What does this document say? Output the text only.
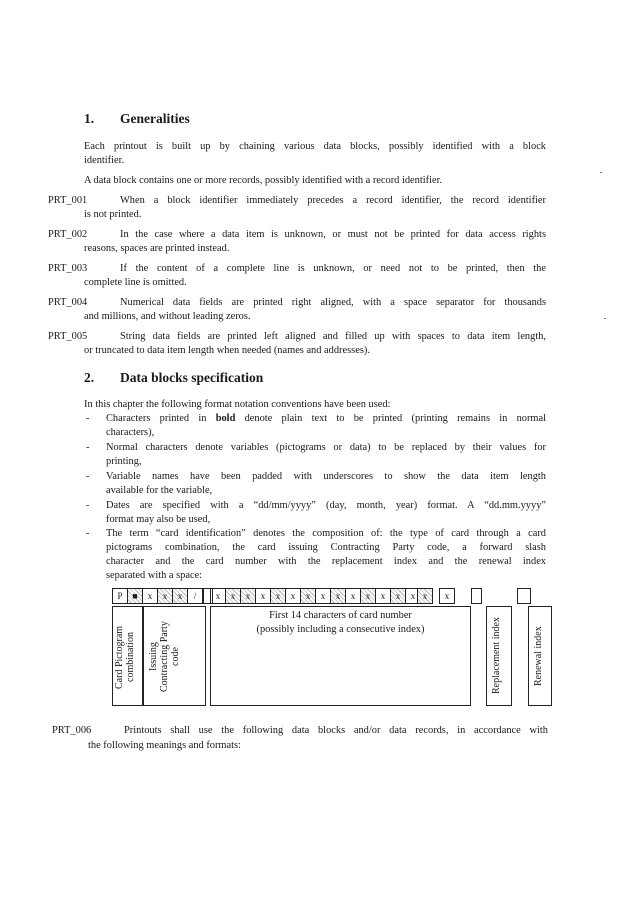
1. Generalities
Each printout is built up by chaining various data blocks, possibly identified with a block
identifier.
A data block contains one or more records, possibly identified with a record identifier.
PRT_001	When a block identifier immediately precedes a record identifier, the record identifier
is not printed.
PRT_002	In the case where a data item is unknown, or must not be printed for data access rights
reasons, spaces are printed instead.
PRT_003	If the content of a complete line is unknown, or need not to be printed, then the
complete line is omitted.
PRT_004	Numerical data fields are printed right aligned, with a space separator for thousands
and millions, and without leading zeros.
PRT_005	String data fields are printed left aligned and filled up with spaces to data item length,
or truncated to data item length when needed (names and addresses).
2. Data blocks specification
In this chapter the following format notation conventions have been used:
- Characters printed in bold denote plain text to be printed (printing remains in normal
characters),
- Normal characters denote variables (pictograms or data) to be replaced by their values for
printing,
- Variable names have been padded with underscores to show the data item length
available for the variable,
- Dates are specified with a “dd/mm/yyyy” (day, month, year) format. A “dd.mm.yyyy”
format may also be used,
- The term “card identification” denotes the composition of: the type of card through a card
pictograms combination, the card issuing Contracting Party code, a forward slash
character and the card number with the replacement index and the renewal index
separated with a space:
P	■	x	x	x	/	x	x	x	x	x	x	x	x	x	x	x	x	x	x x	x
Card Pictogram
combination	Issuing
Contracting Party
code
First 14 characters of card number
(possibly including a consecutive index)	Replacement index	Renewal index
PRT_006	Printouts shall use the following data blocks and/or data records, in accordance with
the following meanings and formats:
